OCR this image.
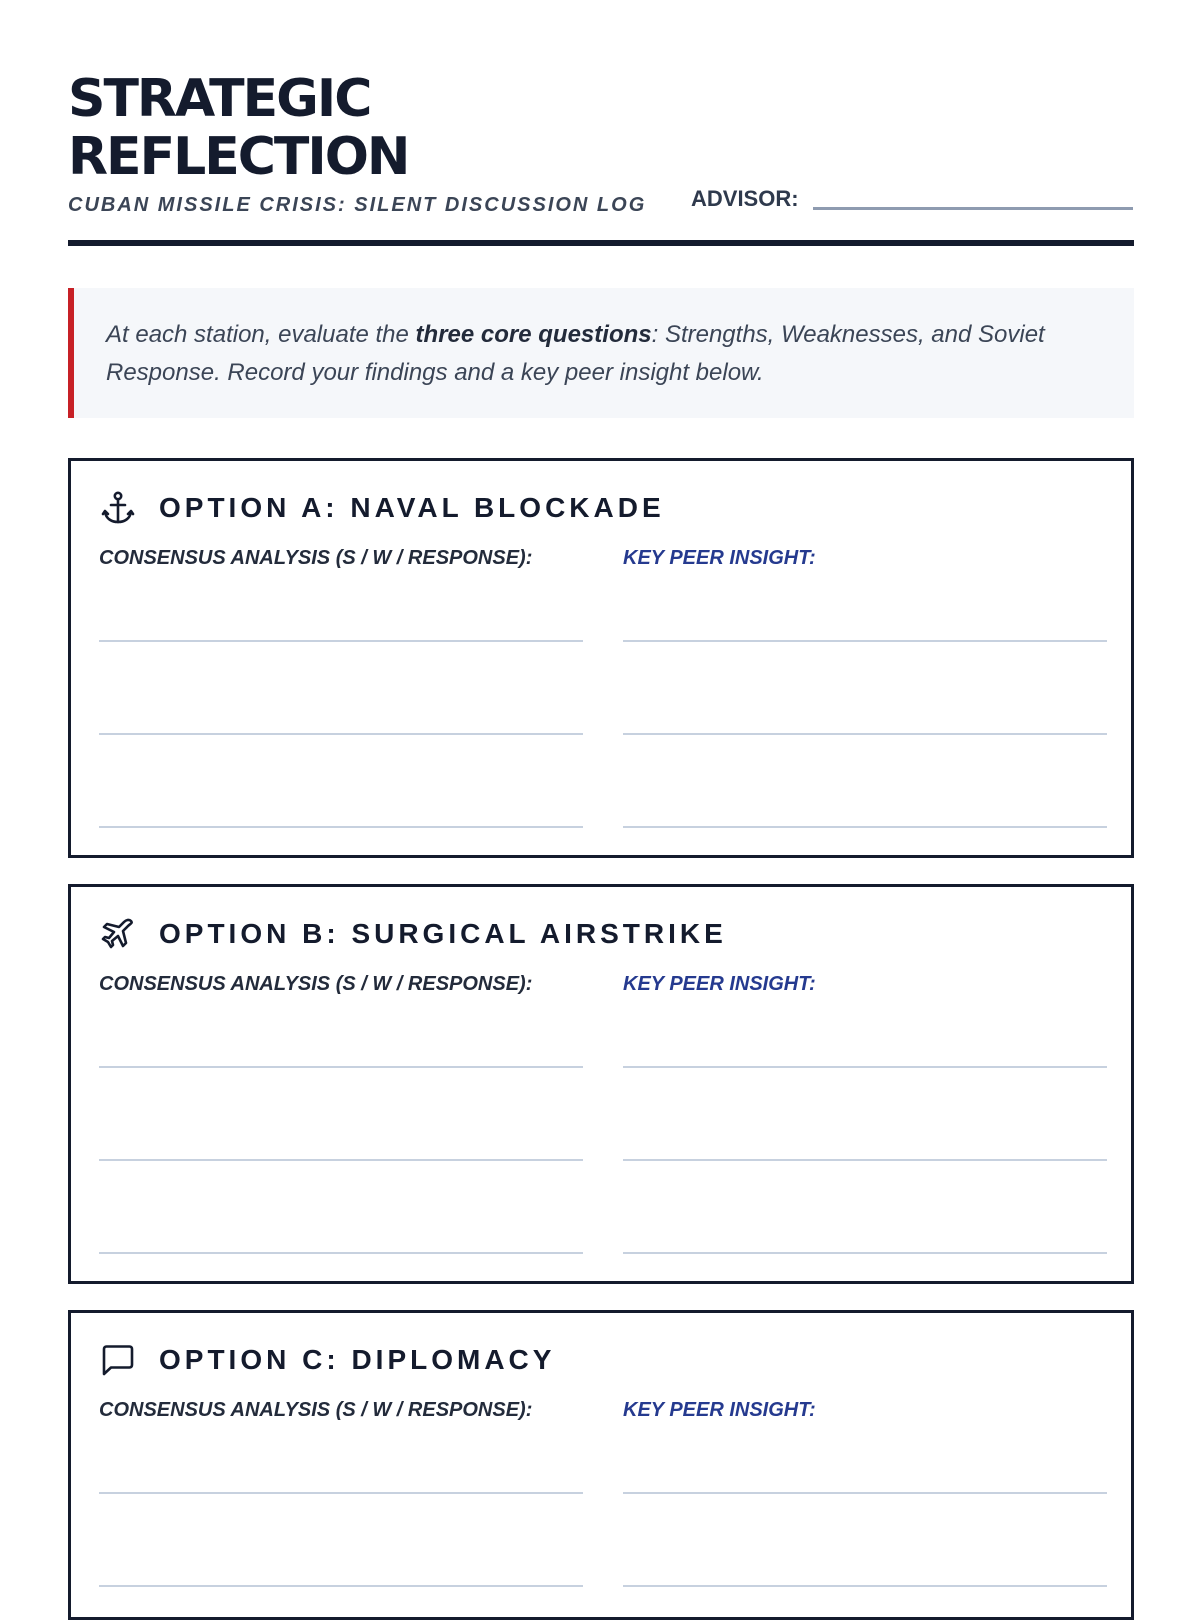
STRATEGIC
REFLECTION
CUBAN MISSILE CRISIS: SILENT DISCUSSION LOG ADVISOR:
At each station, evaluate the three core questions: Strengths, Weaknesses, and Soviet Response. Record your findings and a key peer insight below.
OPTION A: NAVAL BLOCKADE
CONSENSUS ANALYSIS (S / W / RESPONSE):	KEY PEER INSIGHT:
OPTION B: SURGICAL AIRSTRIKE
CONSENSUS ANALYSIS (S / W / RESPONSE):	KEY PEER INSIGHT:
OPTION C: DIPLOMACY
CONSENSUS ANALYSIS (S / W / RESPONSE):	KEY PEER INSIGHT:
